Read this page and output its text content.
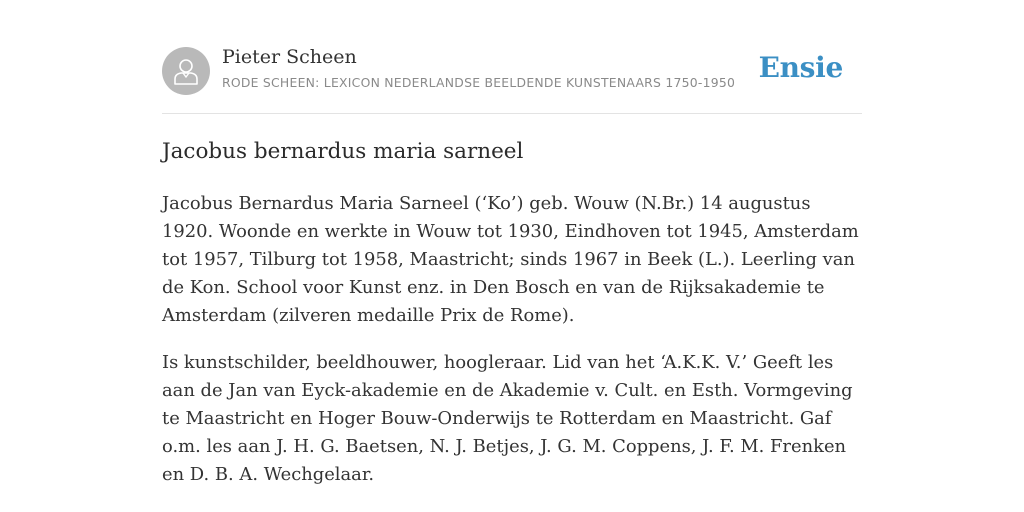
Pieter Scheen
RODE SCHEEN: LEXICON NEDERLANDSE BEELDENDE KUNSTENAARS 1750-1950 Ensie
Jacobus bernardus maria sarneel

Jacobus Bernardus Maria Sarneel (‘Ko’) geb. Wouw (N.Br.) 14 augustus 1920. Woonde en werkte in Wouw tot 1930, Eindhoven tot 1945, Amsterdam tot 1957, Tilburg tot 1958, Maastricht; sinds 1967 in Beek (L.). Leerling van de Kon. School voor Kunst enz. in Den Bosch en van de Rijksakademie te Amsterdam (zilveren medaille Prix de Rome).

Is kunstschilder, beeldhouwer, hoogleraar. Lid van het ‘A.K.K. V.’ Geeft les aan de Jan van Eyck-akademie en de Akademie v. Cult. en Esth. Vormgeving te Maastricht en Hoger Bouw-Onderwijs te Rotterdam en Maastricht. Gaf o.m. les aan J. H. G. Baetsen, N. J. Betjes, J. G. M. Coppens, J. F. M. Frenken en D. B. A. Wechgelaar.
